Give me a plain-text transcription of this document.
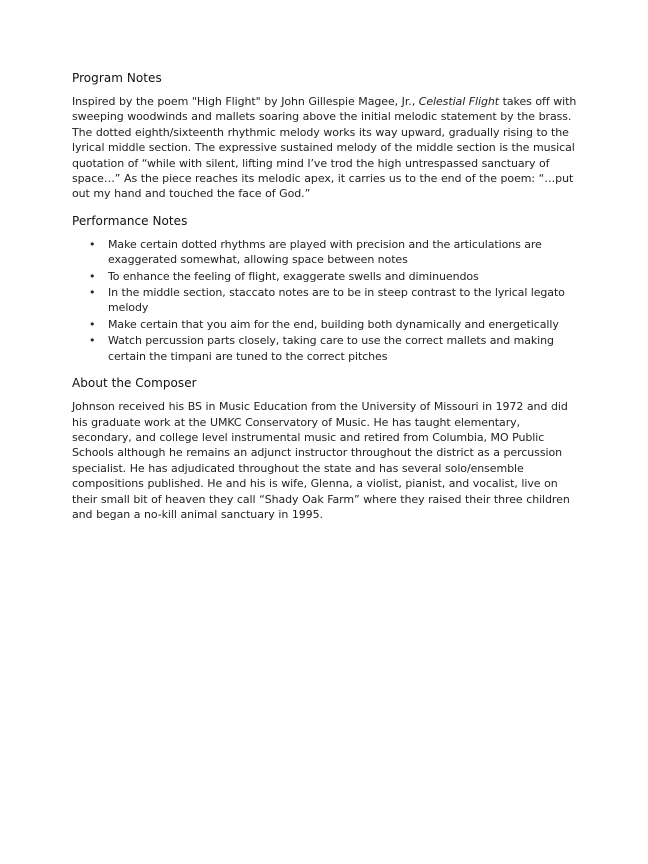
Program Notes

Inspired by the poem "High Flight" by John Gillespie Magee, Jr., Celestial Flight takes off with sweeping woodwinds and mallets soaring above the initial melodic statement by the brass. The dotted eighth/sixteenth rhythmic melody works its way upward, gradually rising to the lyrical middle section. The expressive sustained melody of the middle section is the musical quotation of “while with silent, lifting mind I’ve trod the high untrespassed sanctuary of space…” As the piece reaches its melodic apex, it carries us to the end of the poem: “…put out my hand and touched the face of God.”

Performance Notes
• Make certain dotted rhythms are played with precision and the articulations are exaggerated somewhat, allowing space between notes
• To enhance the feeling of flight, exaggerate swells and diminuendos
• In the middle section, staccato notes are to be in steep contrast to the lyrical legato melody
• Make certain that you aim for the end, building both dynamically and energetically
• Watch percussion parts closely, taking care to use the correct mallets and making certain the timpani are tuned to the correct pitches
About the Composer

Johnson received his BS in Music Education from the University of Missouri in 1972 and did his graduate work at the UMKC Conservatory of Music. He has taught elementary, secondary, and college level instrumental music and retired from Columbia, MO Public Schools although he remains an adjunct instructor throughout the district as a percussion specialist. He has adjudicated throughout the state and has several solo/ensemble compositions published. He and his is wife, Glenna, a violist, pianist, and vocalist, live on their small bit of heaven they call “Shady Oak Farm” where they raised their three children and began a no-kill animal sanctuary in 1995.
